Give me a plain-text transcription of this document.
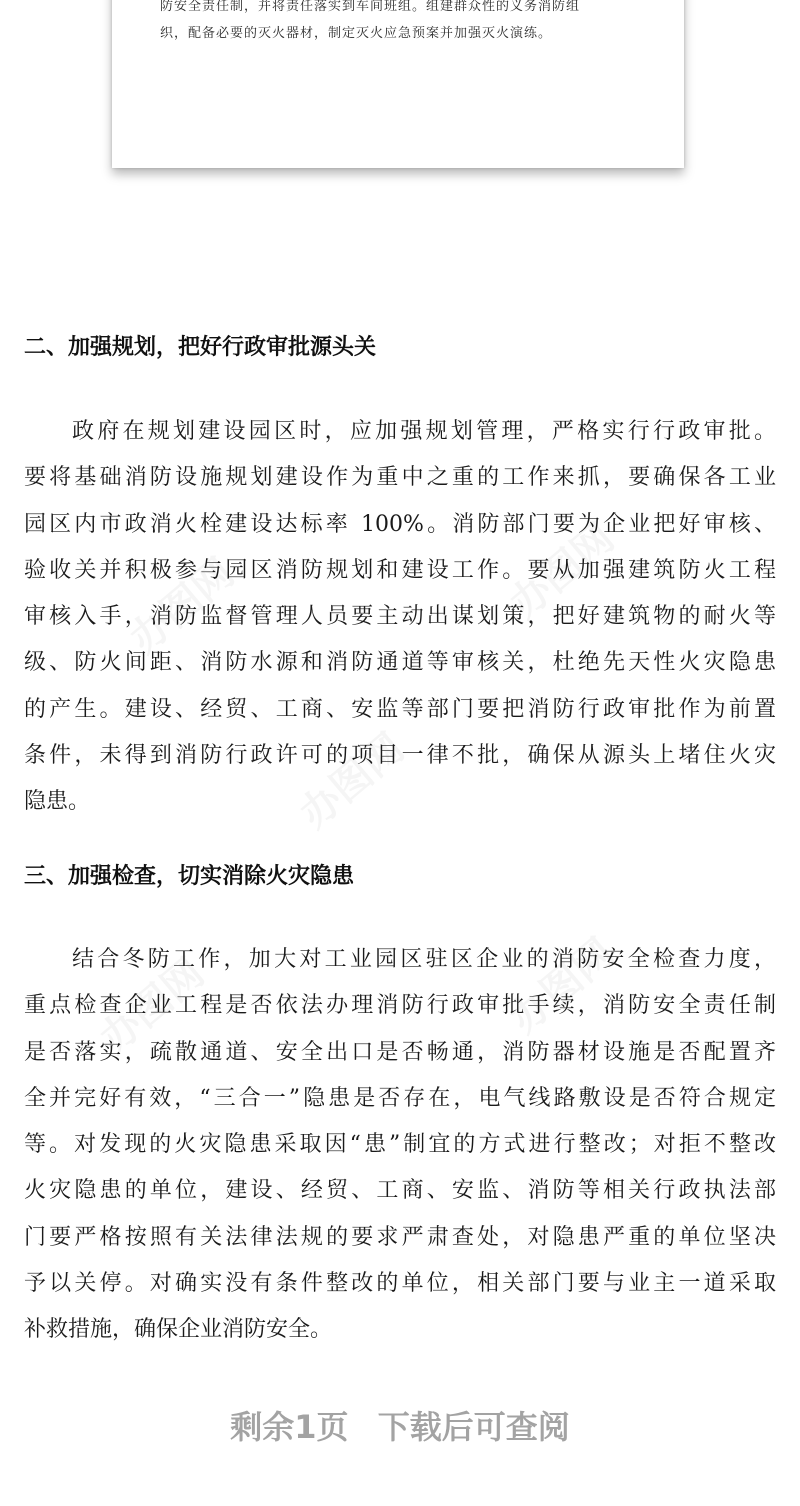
防安全责任制，并将责任落实到车间班组。组建群众性的义务消防组
织，配备必要的灭火器材，制定灭火应急预案并加强灭火演练。
办图网	办图网
办图网
办图网	办图网
二、加强规划，把好行政审批源头关
政府在规划建设园区时，应加强规划管理，严格实行行政审批。
要将基础消防设施规划建设作为重中之重的工作来抓，要确保各工业
园区内市政消火栓建设达标率 100%。消防部门要为企业把好审核、
验收关并积极参与园区消防规划和建设工作。要从加强建筑防火工程
审核入手，消防监督管理人员要主动出谋划策，把好建筑物的耐火等
级、防火间距、消防水源和消防通道等审核关，杜绝先天性火灾隐患
的产生。建设、经贸、工商、安监等部门要把消防行政审批作为前置
条件，未得到消防行政许可的项目一律不批，确保从源头上堵住火灾
隐患。
三、加强检查，切实消除火灾隐患
结合冬防工作，加大对工业园区驻区企业的消防安全检查力度，
重点检查企业工程是否依法办理消防行政审批手续，消防安全责任制
是否落实，疏散通道、安全出口是否畅通，消防器材设施是否配置齐
全并完好有效，“三合一”隐患是否存在，电气线路敷设是否符合规定
等。对发现的火灾隐患采取因“患”制宜的方式进行整改；对拒不整改
火灾隐患的单位，建设、经贸、工商、安监、消防等相关行政执法部
门要严格按照有关法律法规的要求严肃查处，对隐患严重的单位坚决
予以关停。对确实没有条件整改的单位，相关部门要与业主一道采取
补救措施，确保企业消防安全。
剩余1页 下载后可查阅
